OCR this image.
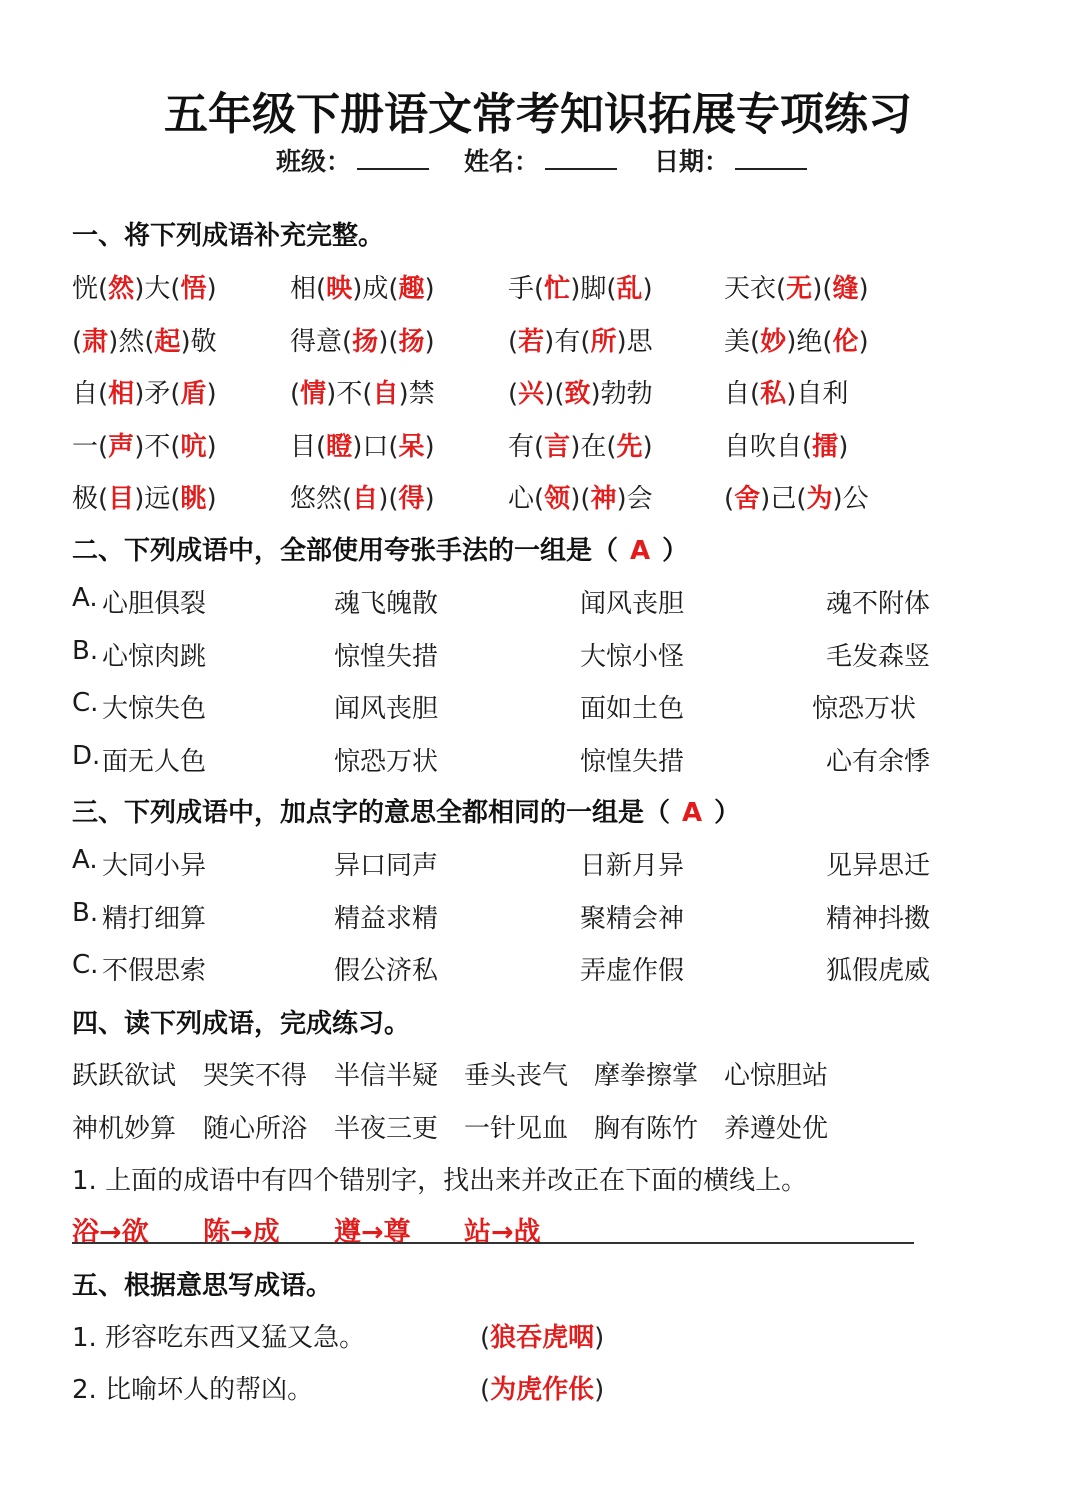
五年级下册语文常考知识拓展专项练习
班级：	姓名：	日期：
一、将下列成语补充完整。
恍(然)大(悟)	相(映)成(趣)	手(忙)脚(乱)	天衣(无)(缝)
(肃)然(起)敬	得意(扬)(扬)	(若)有(所)思	美(妙)绝(伦)
自(相)矛(盾)	(情)不(自)禁	(兴)(致)勃勃	自(私)自利
一(声)不(吭)	目(瞪)口(呆)	有(言)在(先)	自吹自(擂)
极(目)远(眺)	悠然(自)(得)	心(领)(神)会	(舍)己(为)公
二、下列成语中，全部使用夸张手法的一组是（ A ）
A. 心胆俱裂	魂飞魄散	闻风丧胆	魂不附体
B. 心惊肉跳	惊惶失措	大惊小怪	毛发森竖
C. 大惊失色	闻风丧胆	面如土色	惊恐万状
D. 面无人色	惊恐万状	惊惶失措	心有余悸
三、下列成语中，加点字的意思全都相同的一组是（ A ）
A. 大同小异	异口同声	日新月异	见异思迁
B. 精打细算	精益求精	聚精会神	精神抖擞
C. 不假思索	假公济私	弄虚作假	狐假虎威
四、读下列成语，完成练习。
跃跃欲试 哭笑不得 半信半疑 垂头丧气 摩拳擦掌 心惊胆站
神机妙算 随心所浴 半夜三更 一针见血 胸有陈竹 养遵处优
1. 上面的成语中有四个错别字，找出来并改正在下面的横线上。
浴→欲 陈→成 遵→尊 站→战
五、根据意思写成语。
1. 形容吃东西又猛又急。	(狼吞虎咽)
2. 比喻坏人的帮凶。	(为虎作伥)
